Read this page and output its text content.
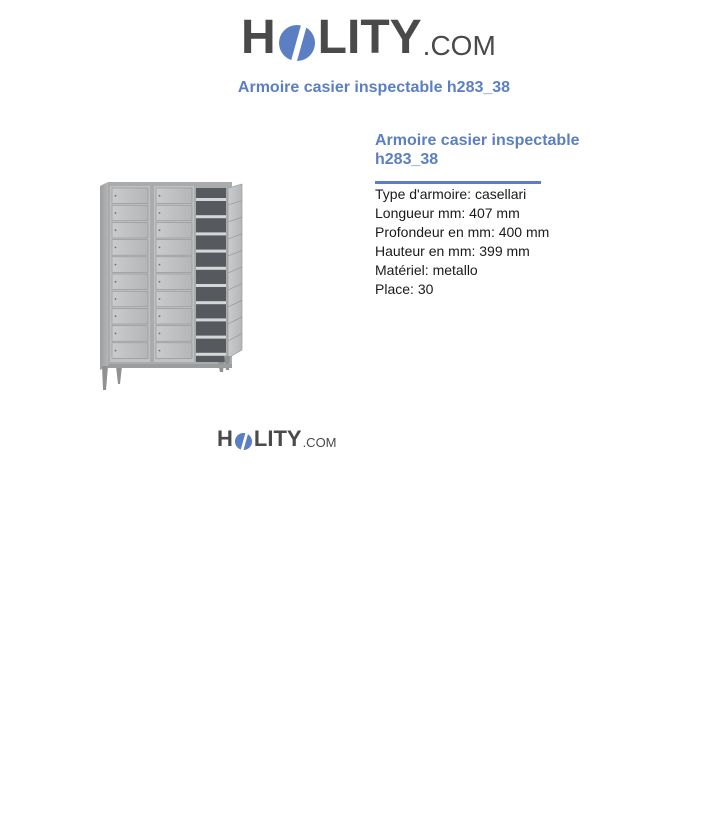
H LITY .COM
Armoire casier inspectable h283_38
H LITY .COM
Armoire casier inspectable h283_38
Type d'armoire: casellari
Longueur mm: 407 mm
Profondeur en mm: 400 mm
Hauteur en mm: 399 mm
Matériel: metallo
Place: 30
